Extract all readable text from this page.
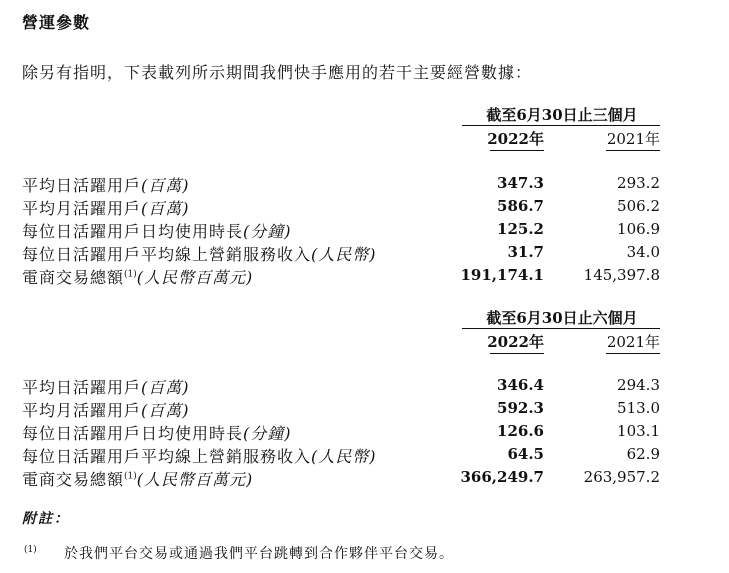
營運參數
除另有指明，下表載列所示期間我們快手應用的若干主要經營數據：
截至6月30日止三個月
2022年	2021年
平均日活躍用戶(百萬)	347.3	293.2
平均月活躍用戶(百萬)	586.7	506.2
每位日活躍用戶日均使用時長(分鐘)	125.2	106.9
每位日活躍用戶平均線上營銷服務收入(人民幣)	31.7	34.0
電商交易總額$^{(1)}$(人民幣百萬元)	191,174.1	145,397.8
截至6月30日止六個月
2022年	2021年
平均日活躍用戶(百萬)	346.4	294.3
平均月活躍用戶(百萬)	592.3	513.0
每位日活躍用戶日均使用時長(分鐘)	126.6	103.1
每位日活躍用戶平均線上營銷服務收入(人民幣)	64.5	62.9
電商交易總額$^{(1)}$(人民幣百萬元)	366,249.7	263,957.2
附註：
(1) 於我們平台交易或通過我們平台跳轉到合作夥伴平台交易。
